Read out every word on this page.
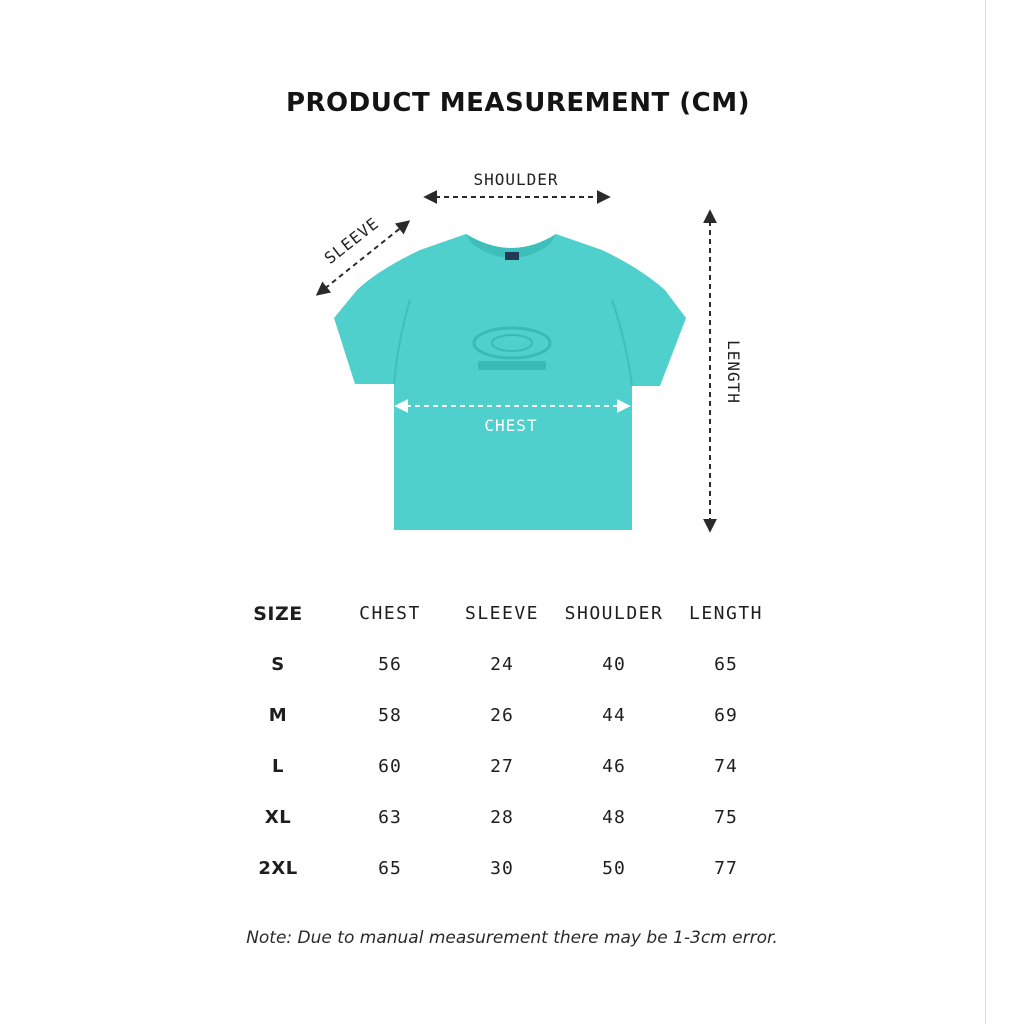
PRODUCT MEASUREMENT (CM)
SHOULDER
SLEEVE
LENGTH
CHEST
SIZE	CHEST	SLEEVE	SHOULDER	LENGTH
S	56	24	40	65
M	58	26	44	69
L	60	27	46	74
XL	63	28	48	75
2XL	65	30	50	77
Note: Due to manual measurement there may be 1-3cm error.
